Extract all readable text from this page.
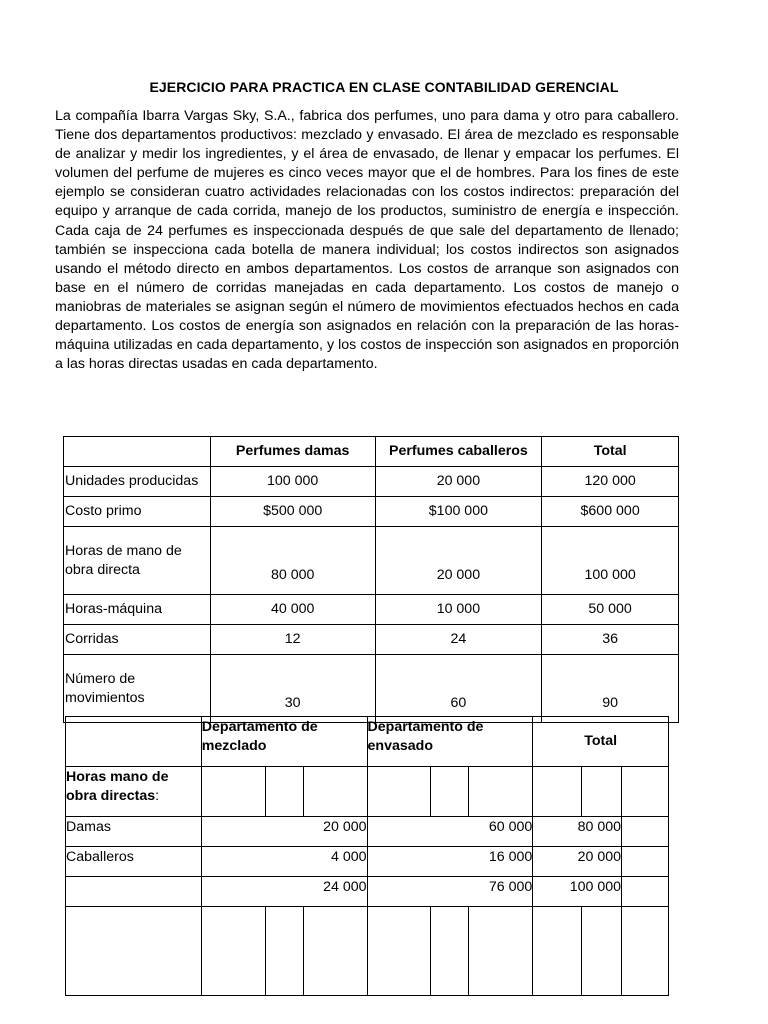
EJERCICIO PARA PRACTICA EN CLASE CONTABILIDAD GERENCIAL

La compañía Ibarra Vargas Sky, S.A., fabrica dos perfumes, uno para dama y otro para caballero. Tiene dos departamentos productivos: mezclado y envasado. El área de mezclado es responsable de analizar y medir los ingredientes, y el área de envasado, de llenar y empacar los perfumes. El volumen del perfume de mujeres es cinco veces mayor que el de hombres. Para los fines de este ejemplo se consideran cuatro actividades relacionadas con los costos indirectos: preparación del equipo y arranque de cada corrida, manejo de los productos, suministro de energía e inspección. Cada caja de 24 perfumes es inspeccionada después de que sale del departamento de llenado; también se inspecciona cada botella de manera individual; los costos indirectos son asignados usando el método directo en ambos departamentos. Los costos de arranque son asignados con base en el número de corridas manejadas en cada departamento. Los costos de manejo o maniobras de materiales se asignan según el número de movimientos efectuados hechos en cada departamento. Los costos de energía son asignados en relación con la preparación de las horas-máquina utilizadas en cada departamento, y los costos de inspección son asignados en proporción a las horas directas usadas en cada departamento.

	Perfumes damas	Perfumes caballeros	Total
Unidades producidas	100 000	20 000	120 000
Costo primo	$500 000	$100 000	$600 000
Horas de mano de obra directa	80 000	20 000	100 000
Horas-máquina	40 000	10 000	50 000
Corridas	12	24	36
Número de movimientos	30	60	90
	Departamento de mezclado			Departamento de envasado			Total		
Horas mano de obra directas:									
Damas	20 000			60 000			80 000		
Caballeros	4 000			16 000			20 000		
	24 000			76 000			100 000		
